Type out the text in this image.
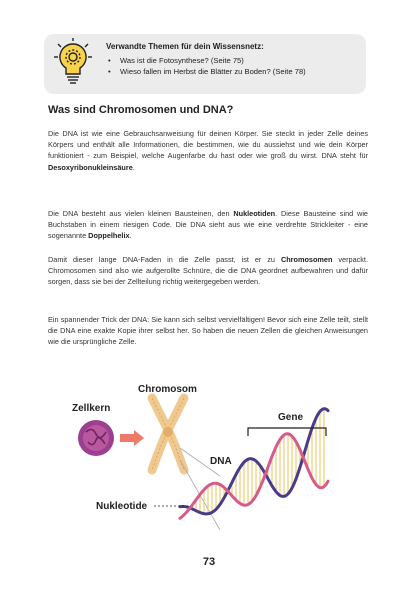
Verwandte Themen für dein Wissensnetz:
• Was ist die Fotosynthese? (Seite 75)
• Wieso fallen im Herbst die Blätter zu Boden? (Seite 78)
Was sind Chromosomen und DNA?

Die DNA ist wie eine Gebrauchsanweisung für deinen Körper. Sie steckt in jeder Zelle deines Körpers und enthält alle Informationen, die bestimmen, wie du aussiehst und wie dein Körper funktioniert - zum Beispiel, welche Augenfarbe du hast oder wie groß du wirst. DNA steht für Desoxyribonukleinsäure.

Die DNA besteht aus vielen kleinen Bausteinen, den Nukleotiden. Diese Bausteine sind wie Buchstaben in einem riesigen Code. Die DNA sieht aus wie eine verdrehte Strickleiter - eine sogenannte Doppelhelix.

Damit dieser lange DNA-Faden in die Zelle passt, ist er zu Chromosomen verpackt. Chromosomen sind also wie aufgerollte Schnüre, die die DNA geordnet aufbewahren und dafür sorgen, dass sie bei der Zellteilung richtig weitergegeben werden.

Ein spannender Trick der DNA: Sie kann sich selbst vervielfältigen! Bevor sich eine Zelle teilt, stellt die DNA eine exakte Kopie ihrer selbst her. So haben die neuen Zellen die gleichen Anweisungen wie die ursprüngliche Zelle.

Zellkern
Chromosom
Gene
DNA
Nukleotide
73
